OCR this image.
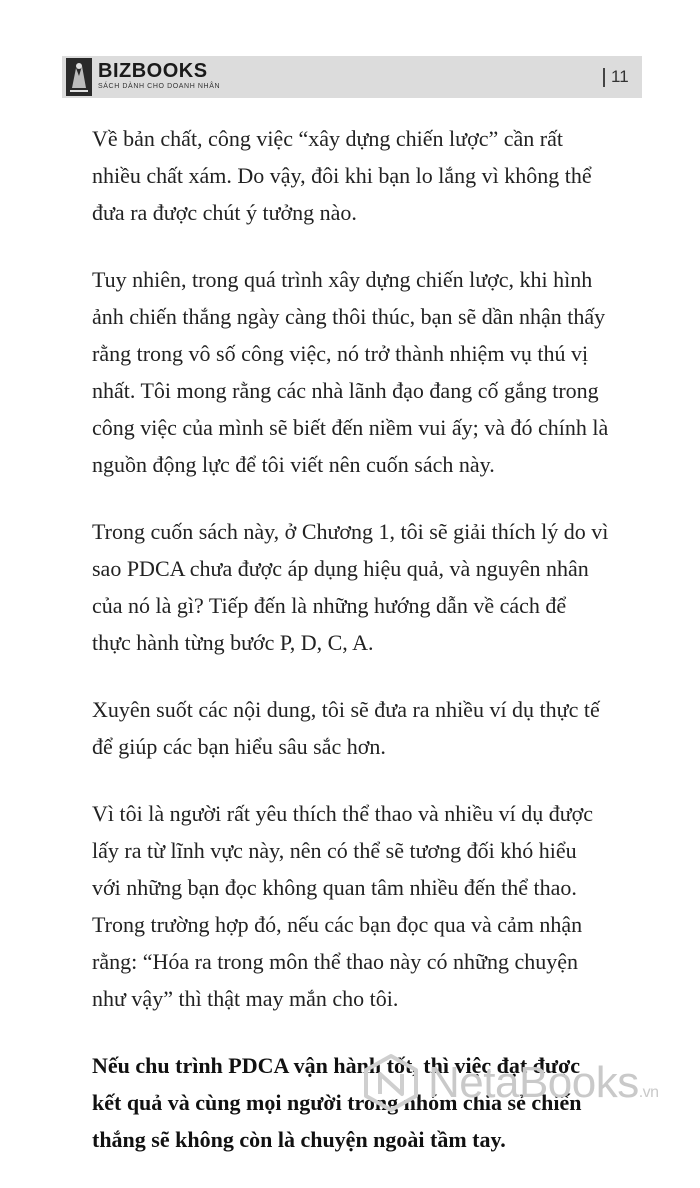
BIZBOOKS
SÁCH DÀNH CHO DOANH NHÂN
11

Về bản chất, công việc “xây dựng chiến lược” cần rất nhiều chất xám. Do vậy, đôi khi bạn lo lắng vì không thể đưa ra được chút ý tưởng nào.

Tuy nhiên, trong quá trình xây dựng chiến lược, khi hình ảnh chiến thắng ngày càng thôi thúc, bạn sẽ dần nhận thấy rằng trong vô số công việc, nó trở thành nhiệm vụ thú vị nhất. Tôi mong rằng các nhà lãnh đạo đang cố gắng trong công việc của mình sẽ biết đến niềm vui ấy; và đó chính là nguồn động lực để tôi viết nên cuốn sách này.

Trong cuốn sách này, ở Chương 1, tôi sẽ giải thích lý do vì sao PDCA chưa được áp dụng hiệu quả, và nguyên nhân của nó là gì? Tiếp đến là những hướng dẫn về cách để thực hành từng bước P, D, C, A.

Xuyên suốt các nội dung, tôi sẽ đưa ra nhiều ví dụ thực tế để giúp các bạn hiểu sâu sắc hơn.

Vì tôi là người rất yêu thích thể thao và nhiều ví dụ được lấy ra từ lĩnh vực này, nên có thể sẽ tương đối khó hiểu với những bạn đọc không quan tâm nhiều đến thể thao. Trong trường hợp đó, nếu các bạn đọc qua và cảm nhận rằng: “Hóa ra trong môn thể thao này có những chuyện như vậy” thì thật may mắn cho tôi.

Nếu chu trình PDCA vận hành tốt, thì việc đạt được kết quả và cùng mọi người trong nhóm chia sẻ chiến thắng sẽ không còn là chuyện ngoài tầm tay.

NetaBooks.vn
